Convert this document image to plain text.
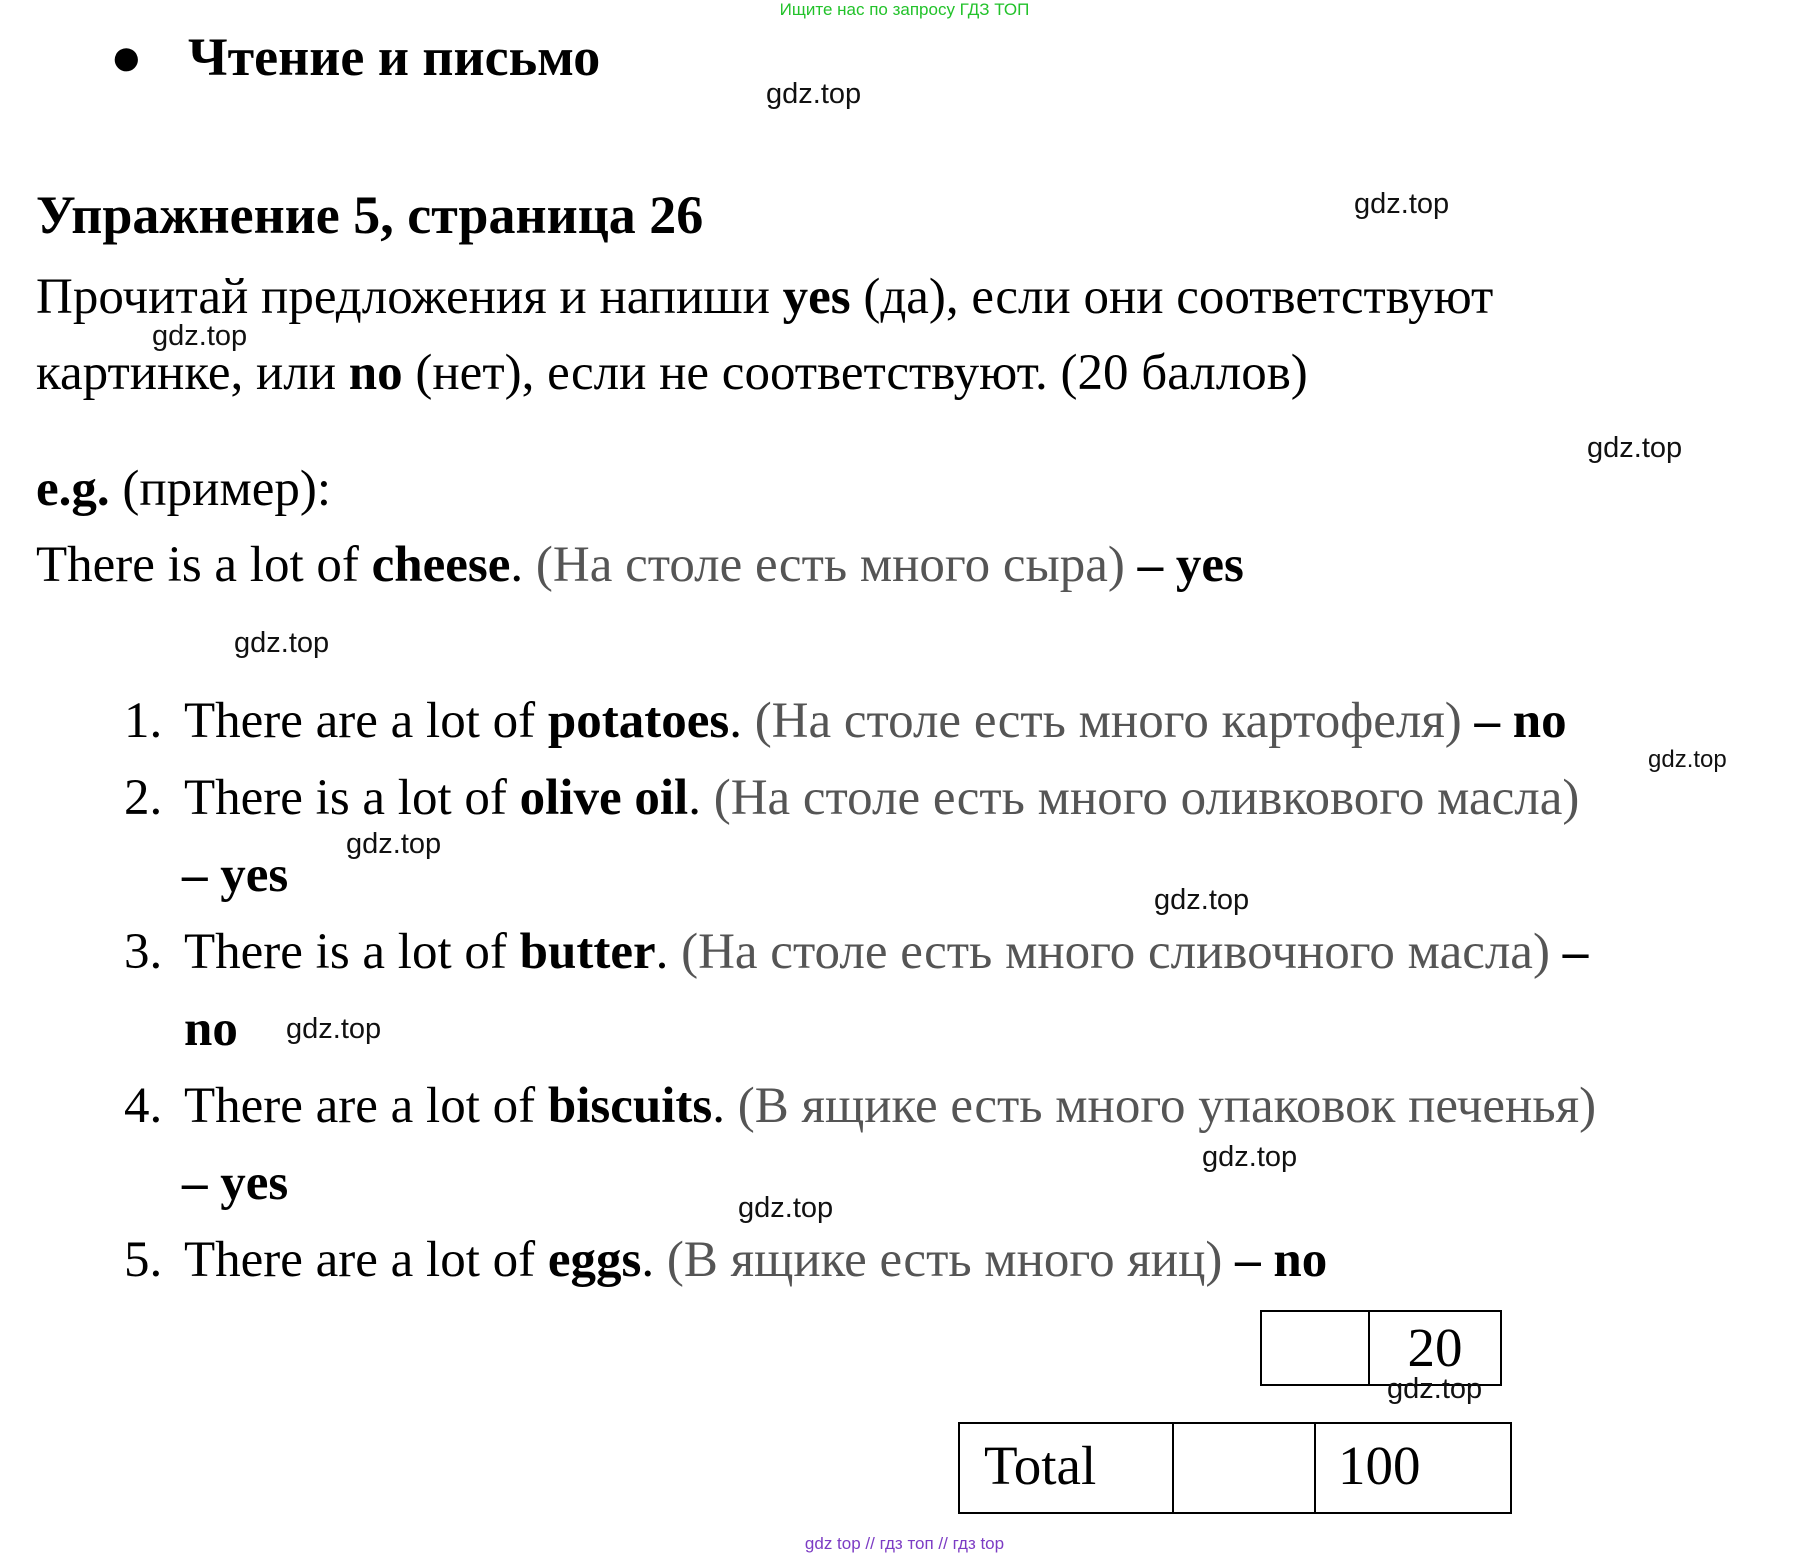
Ищите нас по запросу ГДЗ ТОП
● Чтение и письмо
Упражнение 5, страница 26
Прочитай предложения и напиши yes (да), если они соответствуют
картинке, или no (нет), если не соответствуют. (20 баллов)
e.g. (пример):
There is a lot of cheese. (На столе есть много сыра) – yes
1. There are a lot of potatoes. (На столе есть много картофеля) – no
2. There is a lot of olive oil. (На столе есть много оливкового масла)
– yes
3. There is a lot of butter. (На столе есть много сливочного масла) –
no
4. There are a lot of biscuits. (В ящике есть много упаковок печенья)
– yes
5. There are a lot of eggs. (В ящике есть много яиц) – no
20
Total	100
gdz.top
gdz.top
gdz.top
gdz.top
gdz.top
gdz.top
gdz.top
gdz.top
gdz.top
gdz.top
gdz.top
gdz.top
gdz top // гдз топ // гдз top
